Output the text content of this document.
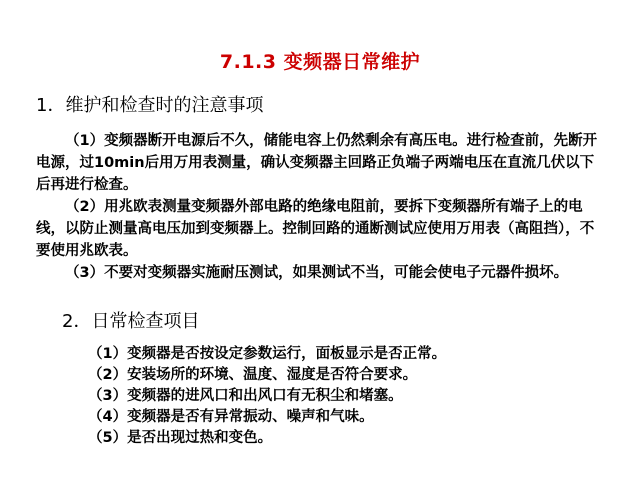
7.1.3 变频器日常维护
1．维护和检查时的注意事项

（1）变频器断开电源后不久，储能电容上仍然剩余有高压电。进行检查前，先断开电源，过10min后用万用表测量，确认变频器主回路正负端子两端电压在直流几伏以下后再进行检查。

（2）用兆欧表测量变频器外部电路的绝缘电阻前，要拆下变频器所有端子上的电线，以防止测量高电压加到变频器上。控制回路的通断测试应使用万用表（高阻挡），不要使用兆欧表。

（3）不要对变频器实施耐压测试，如果测试不当，可能会使电子元器件损坏。

2．日常检查项目

（1）变频器是否按设定参数运行，面板显示是否正常。

（2）安装场所的环境、温度、湿度是否符合要求。

（3）变频器的进风口和出风口有无积尘和堵塞。

（4）变频器是否有异常振动、噪声和气味。

（5）是否出现过热和变色。
